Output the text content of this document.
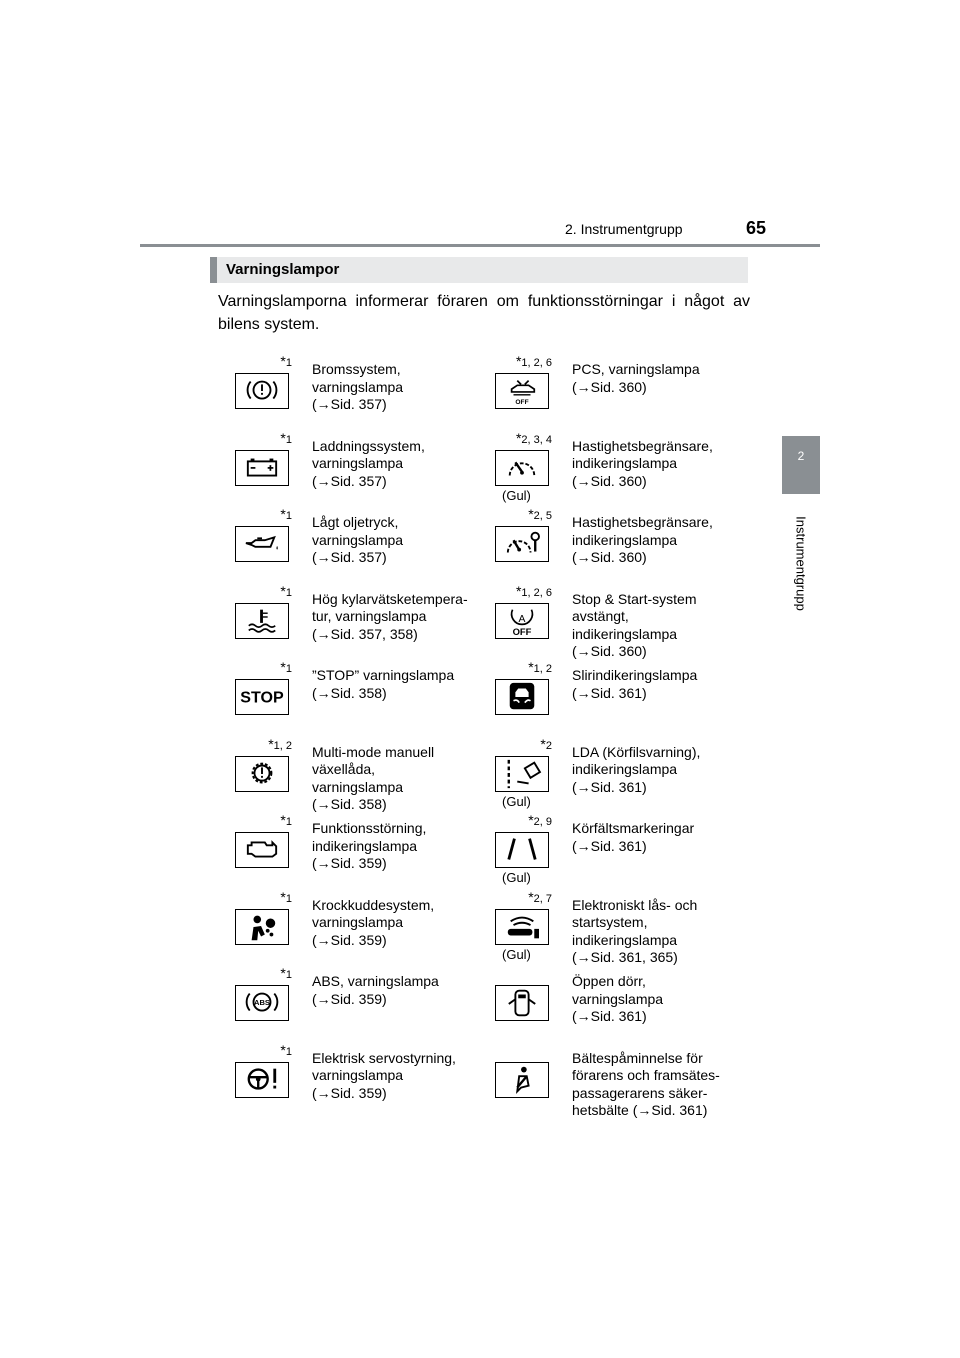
2. Instrumentgrupp	65
2
Instrumentgrupp
Varningslampor
Varningslamporna informerar föraren om funktionsstörningar i något av bilens system.
*1 Bromssystem,
varningslampa
(→Sid. 357)
*1, 2, 6
OFF
PCS, varningslampa
(→Sid. 360)
*1 Laddningssystem,
varningslampa
(→Sid. 357)
*2, 3, 4
(Gul)
Hastighetsbegränsare,
indikeringslampa
(→Sid. 360)
*1 Lågt oljetryck,
varningslampa
(→Sid. 357)
*2, 5 Hastighetsbegränsare,
indikeringslampa
(→Sid. 360)
*1 Hög kylarvätsketempera-
tur, varningslampa
(→Sid. 357, 358)
*1, 2, 6
A
OFF
Stop & Start-system
avstängt,
indikeringslampa
(→Sid. 360)
*1
STOP
”STOP” varningslampa
(→Sid. 358)
*1, 2 Slirindikeringslampa
(→Sid. 361)
*1, 2 Multi-mode manuell
växellåda,
varningslampa
(→Sid. 358)
*2
(Gul)
LDA (Körfilsvarning),
indikeringslampa
(→Sid. 361)
*1 Funktionsstörning,
indikeringslampa
(→Sid. 359)
*2, 9
(Gul)
Körfältsmarkeringar
(→Sid. 361)
*1 Krockkuddesystem,
varningslampa
(→Sid. 359)
*2, 7
(Gul)
Elektroniskt lås- och
startsystem,
indikeringslampa
(→Sid. 361, 365)
*1
ABS
ABS, varningslampa
(→Sid. 359)
Öppen dörr,
varningslampa
(→Sid. 361)
*1 Elektrisk servostyrning,
varningslampa
(→Sid. 359)
Bältespåminnelse för
förarens och framsätes-
passagerarens säker-
hetsbälte (→Sid. 361)
